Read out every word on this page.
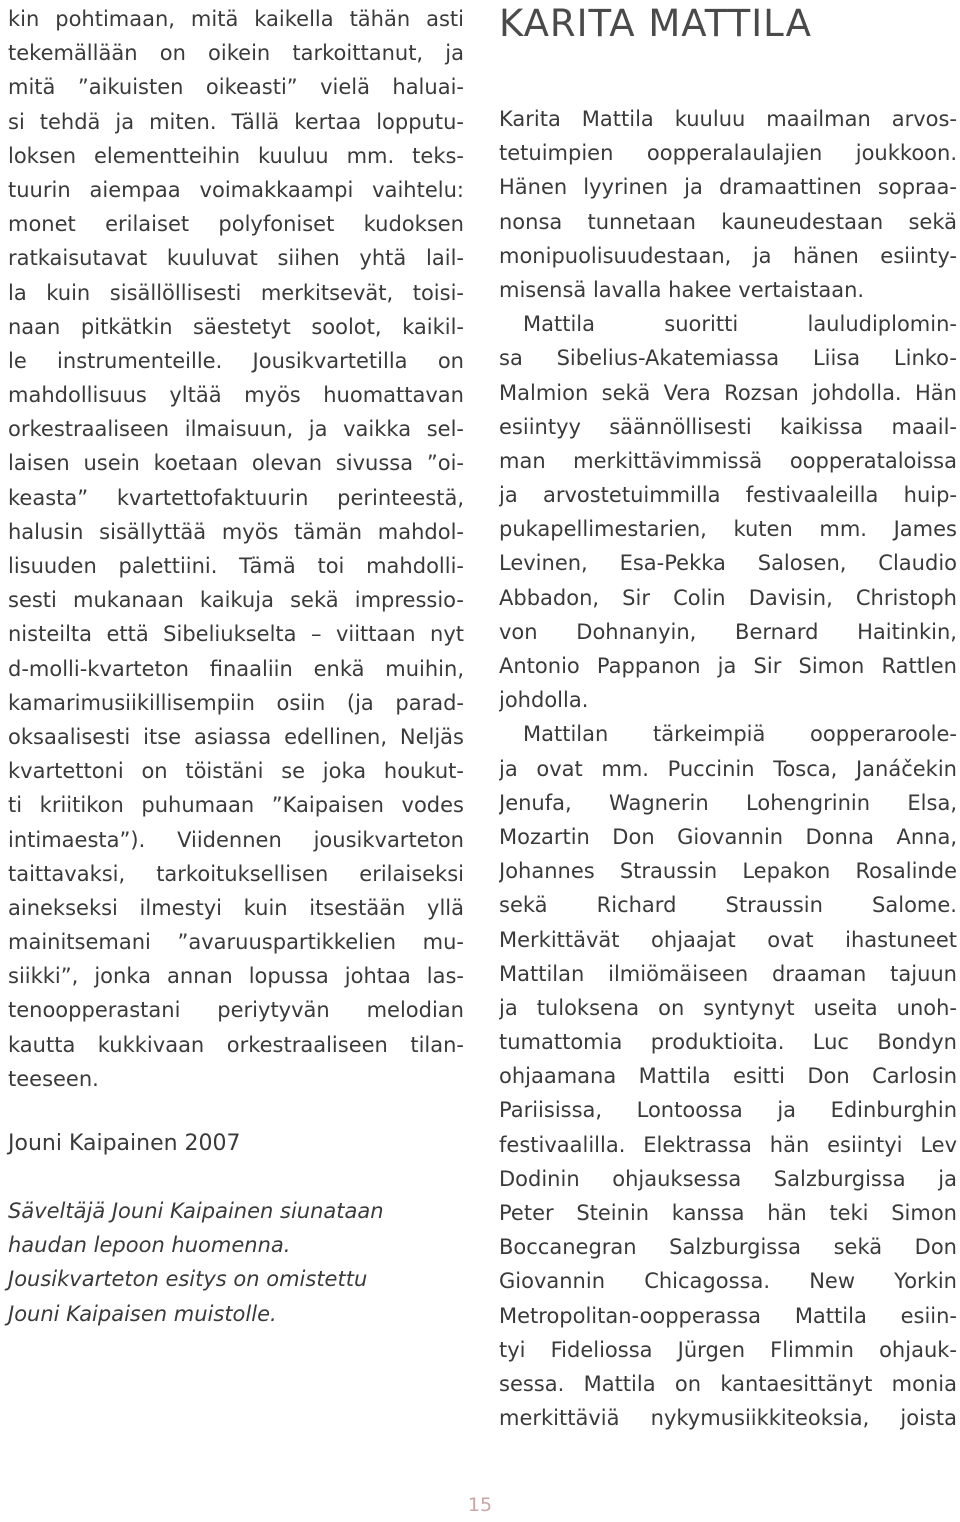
kin pohtimaan, mitä kaikella tähän asti
tekemällään on oikein tarkoittanut, ja
mitä ”aikuisten oikeasti” vielä haluai-
si tehdä ja miten. Tällä kertaa lopputu-
loksen elementteihin kuuluu mm. teks-
tuurin aiempaa voimakkaampi vaihtelu:
monet erilaiset polyfoniset kudoksen
ratkaisutavat kuuluvat siihen yhtä lail-
la kuin sisällöllisesti merkitsevät, toisi-
naan pitkätkin säestetyt soolot, kaikil-
le instrumenteille. Jousikvartetilla on
mahdollisuus yltää myös huomattavan
orkestraaliseen ilmaisuun, ja vaikka sel-
laisen usein koetaan olevan sivussa ”oi-
keasta” kvartettofaktuurin perinteestä,
halusin sisällyttää myös tämän mahdol-
lisuuden palettiini. Tämä toi mahdolli-
sesti mukanaan kaikuja sekä impressio-
nisteilta että Sibeliukselta – viittaan nyt
d-molli-kvarteton finaaliin enkä muihin,
kamarimusiikillisempiin osiin (ja parad-
oksaalisesti itse asiassa edellinen, Neljäs
kvartettoni on töistäni se joka houkut-
ti kriitikon puhumaan ”Kaipaisen vodes
intimaesta”). Viidennen jousikvarteton
taittavaksi, tarkoituksellisen erilaiseksi
ainekseksi ilmestyi kuin itsestään yllä
mainitsemani ”avaruuspartikkelien mu-
siikki”, jonka annan lopussa johtaa las-
tenoopperastani periytyvän melodian
kautta kukkivaan orkestraaliseen tilan-
teeseen.
Jouni Kaipainen 2007
Säveltäjä Jouni Kaipainen siunataan
haudan lepoon huomenna.
Jousikvarteton esitys on omistettu
Jouni Kaipaisen muistolle.
KARITA MATTILA
Karita Mattila kuuluu maailman arvos-
tetuimpien oopperalaulajien joukkoon.
Hänen lyyrinen ja dramaattinen sopraa-
nonsa tunnetaan kauneudestaan sekä
monipuolisuudestaan, ja hänen esiinty-
misensä lavalla hakee vertaistaan.
Mattila suoritti lauludiplomin-
sa Sibelius-Akatemiassa Liisa Linko-
Malmion sekä Vera Rozsan johdolla. Hän
esiintyy säännöllisesti kaikissa maail-
man merkittävimmissä oopperataloissa
ja arvostetuimmilla festivaaleilla huip-
pukapellimestarien, kuten mm. James
Levinen, Esa-Pekka Salosen, Claudio
Abbadon, Sir Colin Davisin, Christoph
von Dohnanyin, Bernard Haitinkin,
Antonio Pappanon ja Sir Simon Rattlen
johdolla.
Mattilan tärkeimpiä oopperaroole-
ja ovat mm. Puccinin Tosca, Janáčekin
Jenufa, Wagnerin Lohengrinin Elsa,
Mozartin Don Giovannin Donna Anna,
Johannes Straussin Lepakon Rosalinde
sekä Richard Straussin Salome.
Merkittävät ohjaajat ovat ihastuneet
Mattilan ilmiömäiseen draaman tajuun
ja tuloksena on syntynyt useita unoh-
tumattomia produktioita. Luc Bondyn
ohjaamana Mattila esitti Don Carlosin
Pariisissa, Lontoossa ja Edinburghin
festivaalilla. Elektrassa hän esiintyi Lev
Dodinin ohjauksessa Salzburgissa ja
Peter Steinin kanssa hän teki Simon
Boccanegran Salzburgissa sekä Don
Giovannin Chicagossa. New Yorkin
Metropolitan-oopperassa Mattila esiin-
tyi Fideliossa Jürgen Flimmin ohjauk-
sessa. Mattila on kantaesittänyt monia
merkittäviä nykymusiikkiteoksia, joista
15
